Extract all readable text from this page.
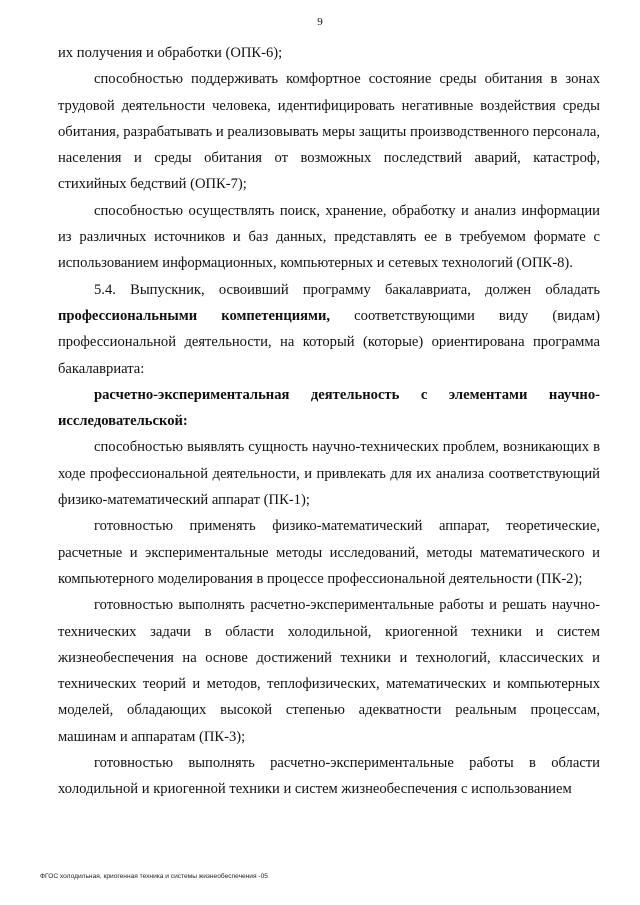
9

их получения и обработки (ОПК-6);

способностью поддерживать комфортное состояние среды обитания в зонах трудовой деятельности человека, идентифицировать негативные воздействия среды обитания, разрабатывать и реализовывать меры защиты производственного персонала, населения и среды обитания от возможных последствий аварий, катастроф, стихийных бедствий (ОПК-7);

способностью осуществлять поиск, хранение, обработку и анализ информации из различных источников и баз данных, представлять ее в требуемом формате с использованием информационных, компьютерных и сетевых технологий (ОПК-8).

5.4. Выпускник, освоивший программу бакалавриата, должен обладать профессиональными компетенциями, соответствующими виду (видам) профессиональной деятельности, на который (которые) ориентирована программа бакалавриата:

расчетно-экспериментальная деятельность с элементами научно-исследовательской:

способностью выявлять сущность научно-технических проблем, возникающих в ходе профессиональной деятельности, и привлекать для их анализа соответствующий физико-математический аппарат (ПК-1);

готовностью применять физико-математический аппарат, теоретические, расчетные и экспериментальные методы исследований, методы математического и компьютерного моделирования в процессе профессиональной деятельности (ПК-2);

готовностью выполнять расчетно-экспериментальные работы и решать научно-технических задачи в области холодильной, криогенной техники и систем жизнеобеспечения на основе достижений техники и технологий, классических и технических теорий и методов, теплофизических, математических и компьютерных моделей, обладающих высокой степенью адекватности реальным процессам, машинам и аппаратам (ПК-3);

готовностью выполнять расчетно-экспериментальные работы в области холодильной и криогенной техники и систем жизнеобеспечения с использованием

ФГОС холодильная, криогенная техника и системы жизнеобеспечения -05
